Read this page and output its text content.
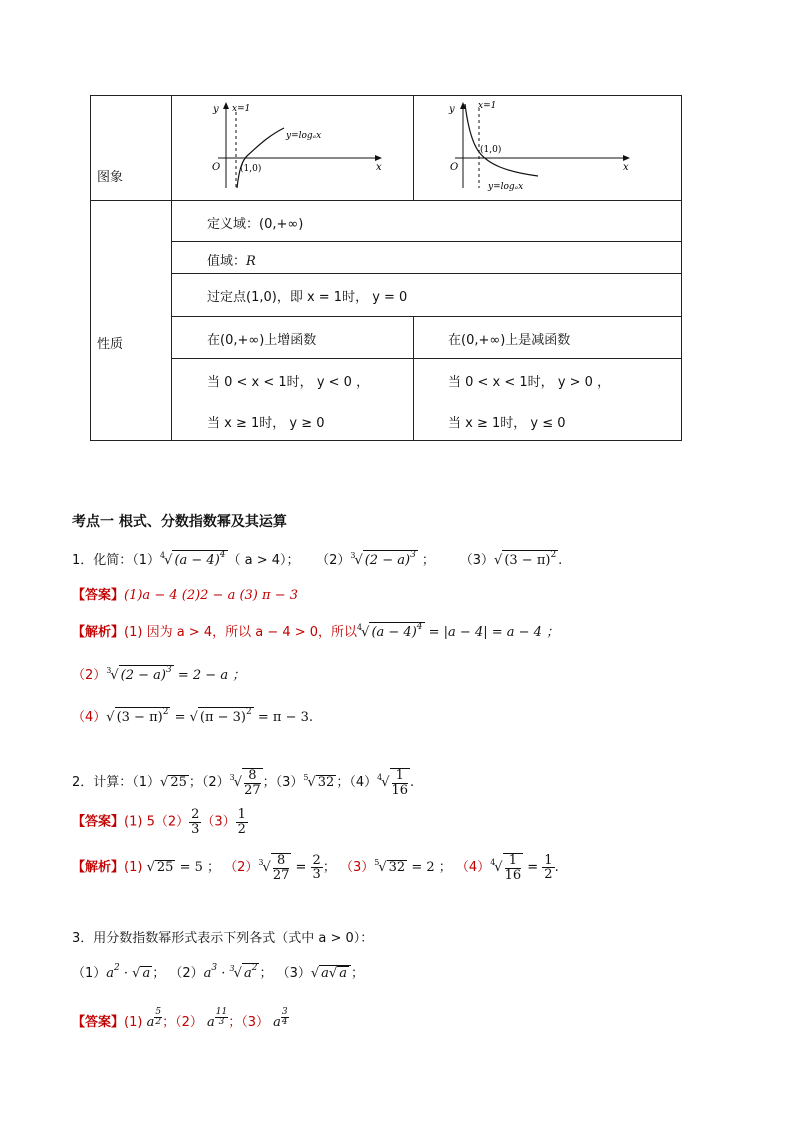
图象
性质
y
x
O
x=1
(1,0)
y=logₐx
y
x
O
x=1
(1,0)
y=logₐx
定义域：(0,+∞)
值域：R
过定点(1,0)，即 x = 1时， y = 0
在(0,+∞)上增函数	在(0,+∞)上是减函数
当 0 < x < 1时， y < 0 ，
当 x ≥ 1时， y ≥ 0
当 0 < x < 1时， y > 0 ，
当 x ≥ 1时， y ≤ 0
考点一 根式、分数指数幂及其运算
1．化简：$(1)^4√$ $(a - 4)^4$ （ a > 4）； $(2)^3√$ $(2 - a)^3$ ；      （3）√ $(3 - \pi)^2$ .
【答案】(1)a − 4 (2)2 − a (3) π − 3
【解析】(1) 因为 a > 4，所以 a − 4 > 0，所以$^4$√ $(a - 4)^4 = |a - 4| = a - 4$ ；
$(2)^3√$ $(2 - a)^3 = 2 - a$ ；
（4）√ $(3 - \pi)^2$ = √ $(\pi - 3)^2 = \pi - 3$.
2．计算：（1）√ 25 ；$(2)^3√ \frac{8}{27}$ ；$(3)^5√$ 32 ；$(4)^4√ \frac{1}{16}$ .
【答案】(1) $5(2) \frac{2}{3} (3) \frac{1}{2}$
【解析】(1) √ 25 = 5 ； $(2)^3√ \frac{8}{27} = \frac{2}{3}$ ； $(3)^5√$ 32 = 2 ； $(4)^4√ \frac{1}{16} = \frac{1}{2}$ .
3．用分数指数幂形式表示下列各式（式中 a > 0）：
$(1)a^2$ · √ a ； $(2)a^3 \cdot ^3√$ $a^2$ ； （3）√ a√ a ；
【答案】(1) a $\frac{5}{2}$ ；（2） a $\frac{11}{3}$ ；（3） a $\frac{3}{4}$
